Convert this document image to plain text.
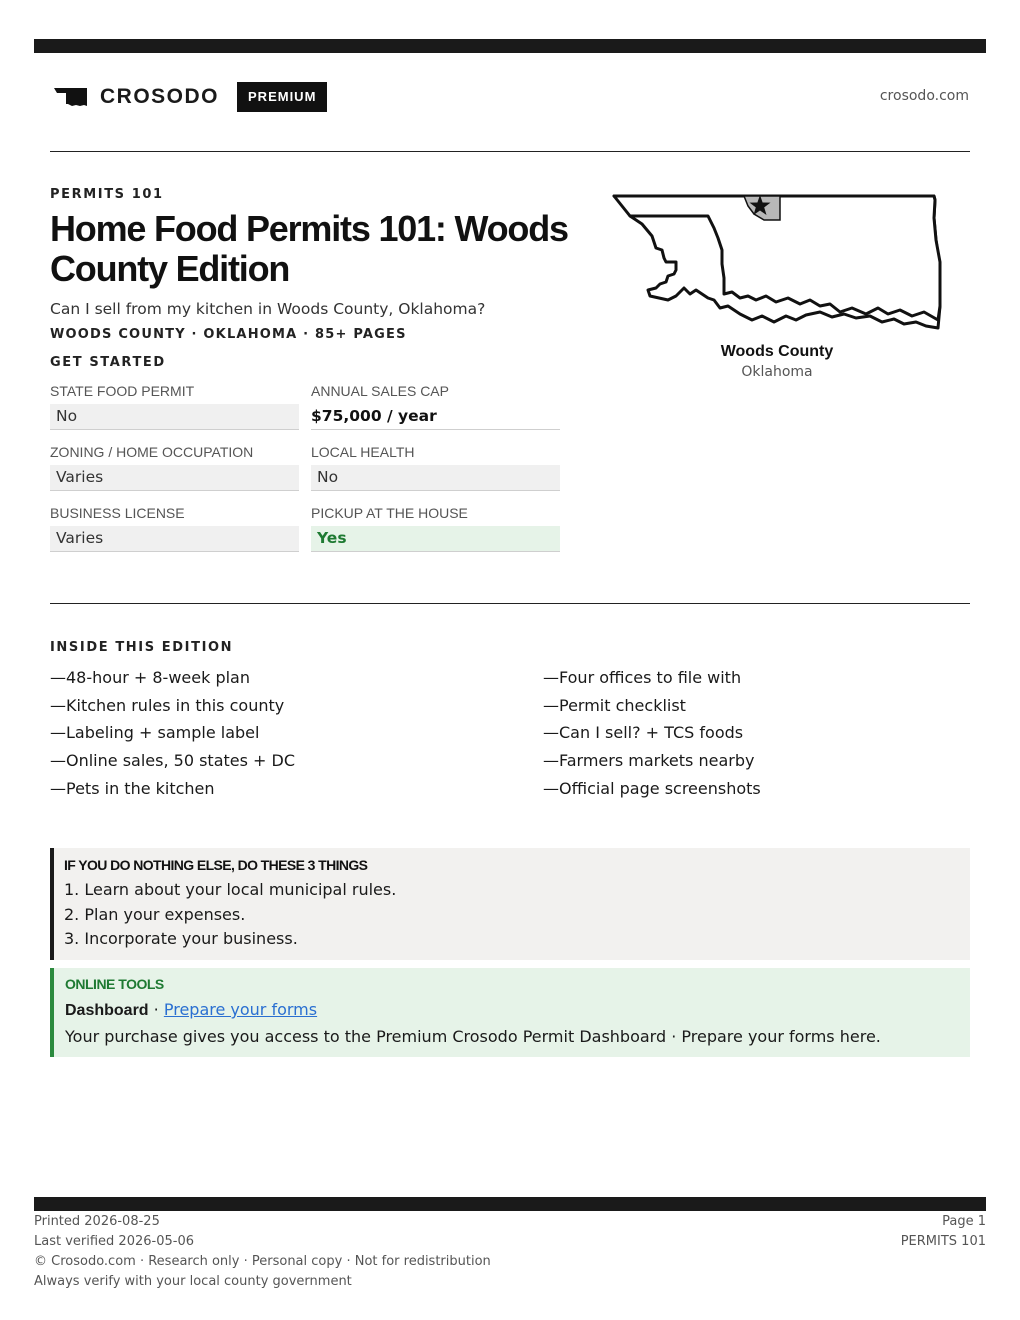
CROSODO	PREMIUM	crosodo.com
PERMITS 101
Home Food Permits 101: Woods County Edition
Can I sell from my kitchen in Woods County, Oklahoma?
WOODS COUNTY · OKLAHOMA · 85+ PAGES
GET STARTED
STATE FOOD PERMIT
No
ANNUAL SALES CAP
$75,000 / year
ZONING / HOME OCCUPATION
Varies
LOCAL HEALTH
No
BUSINESS LICENSE
Varies
PICKUP AT THE HOUSE
Yes
Woods County
Oklahoma
INSIDE THIS EDITION
—48-hour + 8-week plan
—Kitchen rules in this county
—Labeling + sample label
—Online sales, 50 states + DC
—Pets in the kitchen
—Four offices to file with
—Permit checklist
—Can I sell? + TCS foods
—Farmers markets nearby
—Official page screenshots
IF YOU DO NOTHING ELSE, DO THESE 3 THINGS
1. Learn about your local municipal rules.
2. Plan your expenses.
3. Incorporate your business.
ONLINE TOOLS
Dashboard · Prepare your forms
Your purchase gives you access to the Premium Crosodo Permit Dashboard · Prepare your forms here.
Printed 2026-08-25
Last verified 2026-05-06
© Crosodo.com · Research only · Personal copy · Not for redistribution
Always verify with your local county government
Page 1
PERMITS 101
